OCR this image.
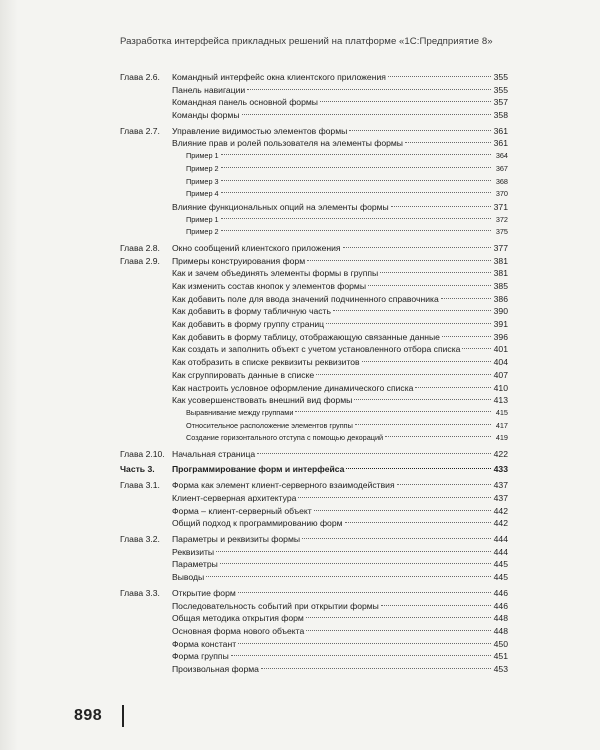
Разработка интерфейса прикладных решений на платформе «1С:Предприятие 8»
Глава 2.6. Командный интерфейс окна клиентского приложения	355
Панель навигации	355
Командная панель основной формы	357
Команды формы	358
Глава 2.7. Управление видимостью элементов формы	361
Влияние прав и ролей пользователя на элементы формы	361
Пример 1	364
Пример 2	367
Пример 3	368
Пример 4	370
Влияние функциональных опций на элементы формы	371
Пример 1	372
Пример 2	375
Глава 2.8. Окно сообщений клиентского приложения	377
Глава 2.9. Примеры конструирования форм	381
Как и зачем объединять элементы формы в группы	381
Как изменить состав кнопок у элементов формы	385
Как добавить поле для ввода значений подчиненного справочника	386
Как добавить в форму табличную часть	390
Как добавить в форму группу страниц	391
Как добавить в форму таблицу, отображающую связанные данные	396
Как создать и заполнить объект с учетом установленного отбора списка	401
Как отобразить в списке реквизиты реквизитов	404
Как сгруппировать данные в списке	407
Как настроить условное оформление динамического списка	410
Как усовершенствовать внешний вид формы	413
Выравнивание между группами	415
Относительное расположение элементов группы	417
Создание горизонтального отступа с помощью декораций	419
Глава 2.10. Начальная страница	422
Часть 3. Программирование форм и интерфейса	433
Глава 3.1. Форма как элемент клиент-серверного взаимодействия	437
Клиент-серверная архитектура	437
Форма – клиент-серверный объект	442
Общий подход к программированию форм	442
Глава 3.2. Параметры и реквизиты формы	444
Реквизиты	444
Параметры	445
Выводы	445
Глава 3.3. Открытие форм	446
Последовательность событий при открытии формы	446
Общая методика открытия форм	448
Основная форма нового объекта	448
Форма констант	450
Форма группы	451
Произвольная форма	453
898
